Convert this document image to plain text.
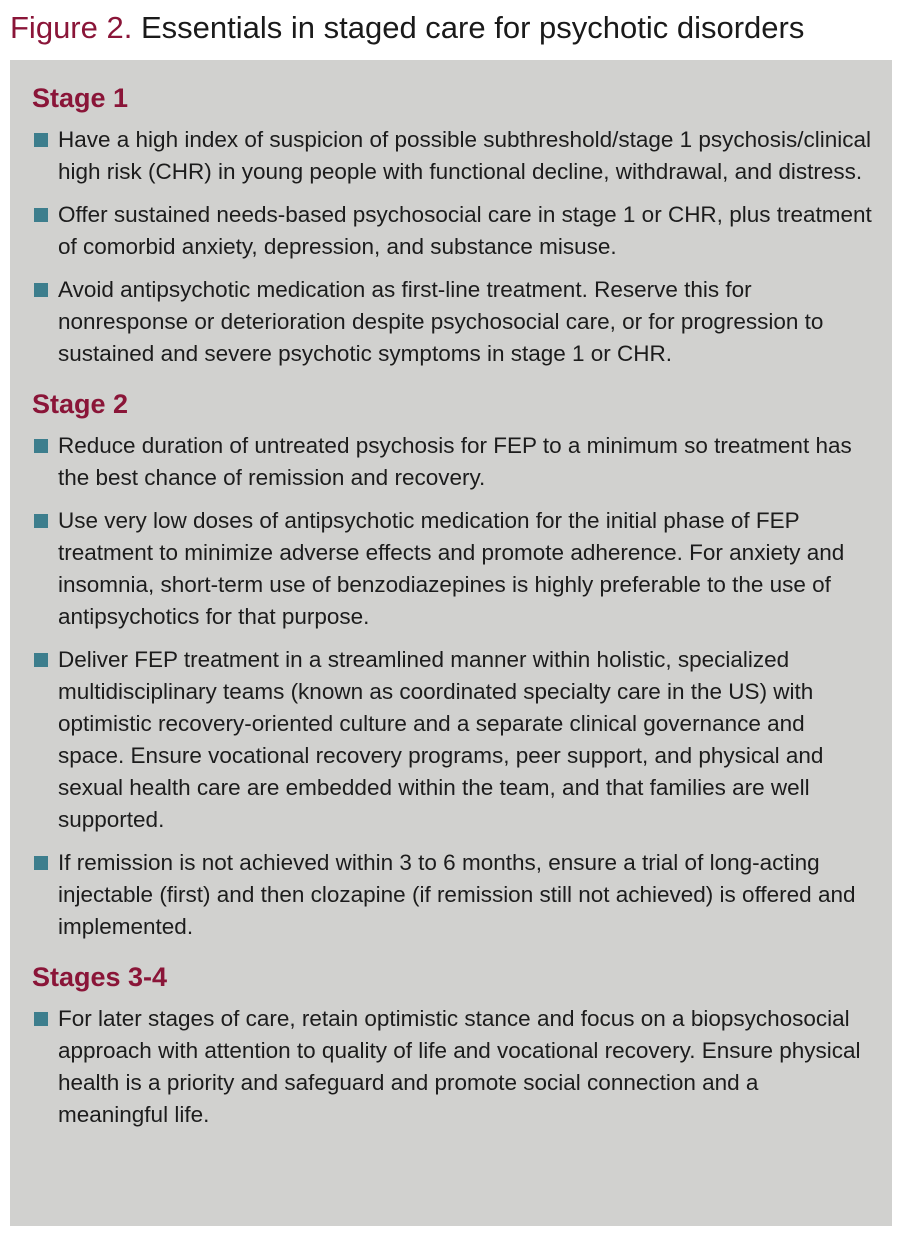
Figure 2. Essentials in staged care for psychotic disorders
Stage 1
Have a high index of suspicion of possible subthreshold/stage 1 psychosis/clinical high risk (CHR) in young people with functional decline, withdrawal, and distress.
Offer sustained needs-based psychosocial care in stage 1 or CHR, plus treatment of comorbid anxiety, depression, and substance misuse.
Avoid antipsychotic medication as first-line treatment. Reserve this for nonresponse or deterioration despite psychosocial care, or for progression to sustained and severe psychotic symptoms in stage 1 or CHR.
Stage 2
Reduce duration of untreated psychosis for FEP to a minimum so treatment has the best chance of remission and recovery.
Use very low doses of antipsychotic medication for the initial phase of FEP treatment to minimize adverse effects and promote adherence. For anxiety and insomnia, short-term use of benzodiazepines is highly preferable to the use of antipsychotics for that purpose.
Deliver FEP treatment in a streamlined manner within holistic, specialized multidisciplinary teams (known as coordinated specialty care in the US) with optimistic recovery-oriented culture and a separate clinical governance and space. Ensure vocational recovery programs, peer support, and physical and sexual health care are embedded within the team, and that families are well supported.
If remission is not achieved within 3 to 6 months, ensure a trial of long-acting injectable (first) and then clozapine (if remission still not achieved) is offered and implemented.
Stages 3-4
For later stages of care, retain optimistic stance and focus on a biopsychosocial approach with attention to quality of life and vocational recovery. Ensure physical health is a priority and safeguard and promote social connection and a meaningful life.
